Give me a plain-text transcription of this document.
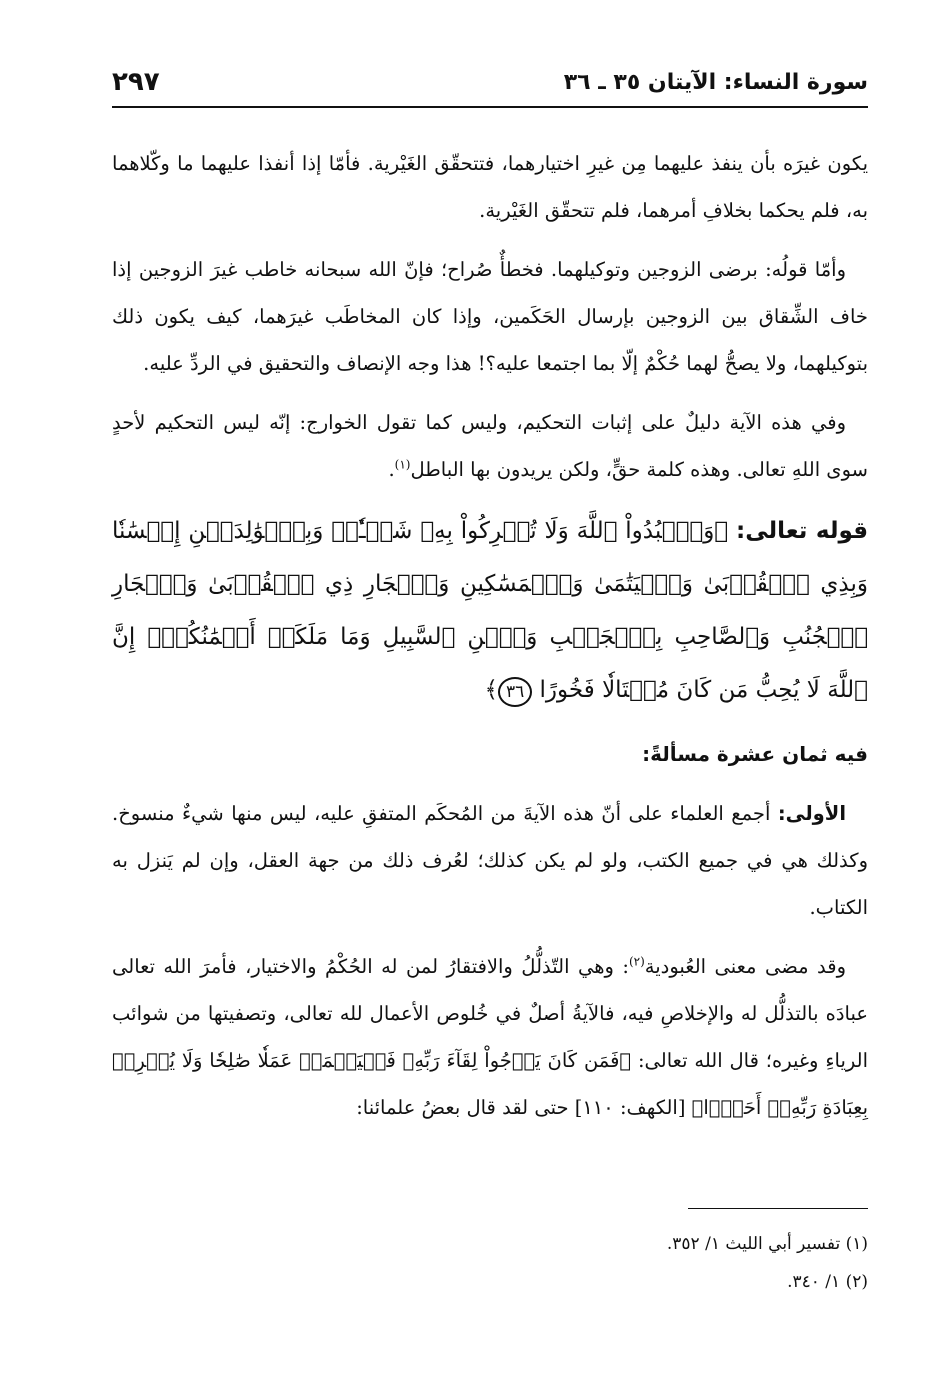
٢٩٧	سورة النساء: الآيتان ٣٥ ـ ٣٦

يكون غيرَه بأن ينفذ عليهما مِن غيرِ اختيارهما، فتتحقّق الغَيْرية. فأمّا إذا أنفذا عليهما ما وكّلاهما به، فلم يحكما بخلافِ أمرهما، فلم تتحقّق الغَيْرية.

وأمّا قولُه: برضى الزوجين وتوكيلهما. فخطأٌ صُراح؛ فإنّ الله سبحانه خاطب غيرَ الزوجين إذا خاف الشِّقاق بين الزوجين بإرسال الحَكَمين، وإذا كان المخاطَب غيرَهما، كيف يكون ذلك بتوكيلهما، ولا يصحُّ لهما حُكْمٌ إلّا بما اجتمعا عليه؟! هذا وجه الإنصاف والتحقيق في الردِّ عليه.

وفي هذه الآية دليلٌ على إثبات التحكيم، وليس كما تقول الخوارج: إنّه ليس التحكيم لأحدٍ سوى اللهِ تعالى. وهذه كلمة حقٍّ، ولكن يريدون بها الباطل$^{(١)}$.

قوله تعالى: ﴿وَٱعۡبُدُواْ ٱللَّهَ وَلَا تُشۡرِكُواْ بِهِۦ شَيۡـٔٗاۖ وَبِٱلۡوَٰلِدَيۡنِ إِحۡسَٰنٗا وَبِذِي ٱلۡقُرۡبَىٰ وَٱلۡيَتَٰمَىٰ وَٱلۡمَسَٰكِينِ وَٱلۡجَارِ ذِي ٱلۡقُرۡبَىٰ وَٱلۡجَارِ ٱلۡجُنُبِ وَٱلصَّاحِبِ بِٱلۡجَنۢبِ وَٱبۡنِ ٱلسَّبِيلِ وَمَا مَلَكَتۡ أَيۡمَٰنُكُمۡۗ إِنَّ ٱللَّهَ لَا يُحِبُّ مَن كَانَ مُخۡتَالٗا فَخُورًا ٣٦﴾

فيه ثمان عشرة مسألةً:

الأولى: أجمع العلماء على أنّ هذه الآيةَ من المُحكَم المتفقِ عليه، ليس منها شيءٌ منسوخ. وكذلك هي في جميع الكتب، ولو لم يكن كذلك؛ لعُرف ذلك من جهة العقل، وإن لم يَنزل به الكتاب.

وقد مضى معنى العُبودية$^{(٢)}$: وهي التّذلُّلُ والافتقارُ لمن له الحُكْمُ والاختيار، فأمرَ الله تعالى عبادَه بالتذلُّل له والإخلاصِ فيه، فالآيةُ أصلٌ في خُلوص الأعمال لله تعالى، وتصفيتها من شوائب الرياءِ وغيره؛ قال الله تعالى: ﴿فَمَن كَانَ يَرۡجُواْ لِقَآءَ رَبِّهِۦ فَلۡيَعۡمَلۡ عَمَلٗا صَٰلِحٗا وَلَا يُشۡرِكۡ بِعِبَادَةِ رَبِّهِۦٓ أَحَدَۢا﴾ [الكهف: ١١٠] حتى لقد قال بعضُ علمائنا:

(١) تفسير أبي الليث ١/ ٣٥٢.
(٢) ١/ ٣٤٠.
